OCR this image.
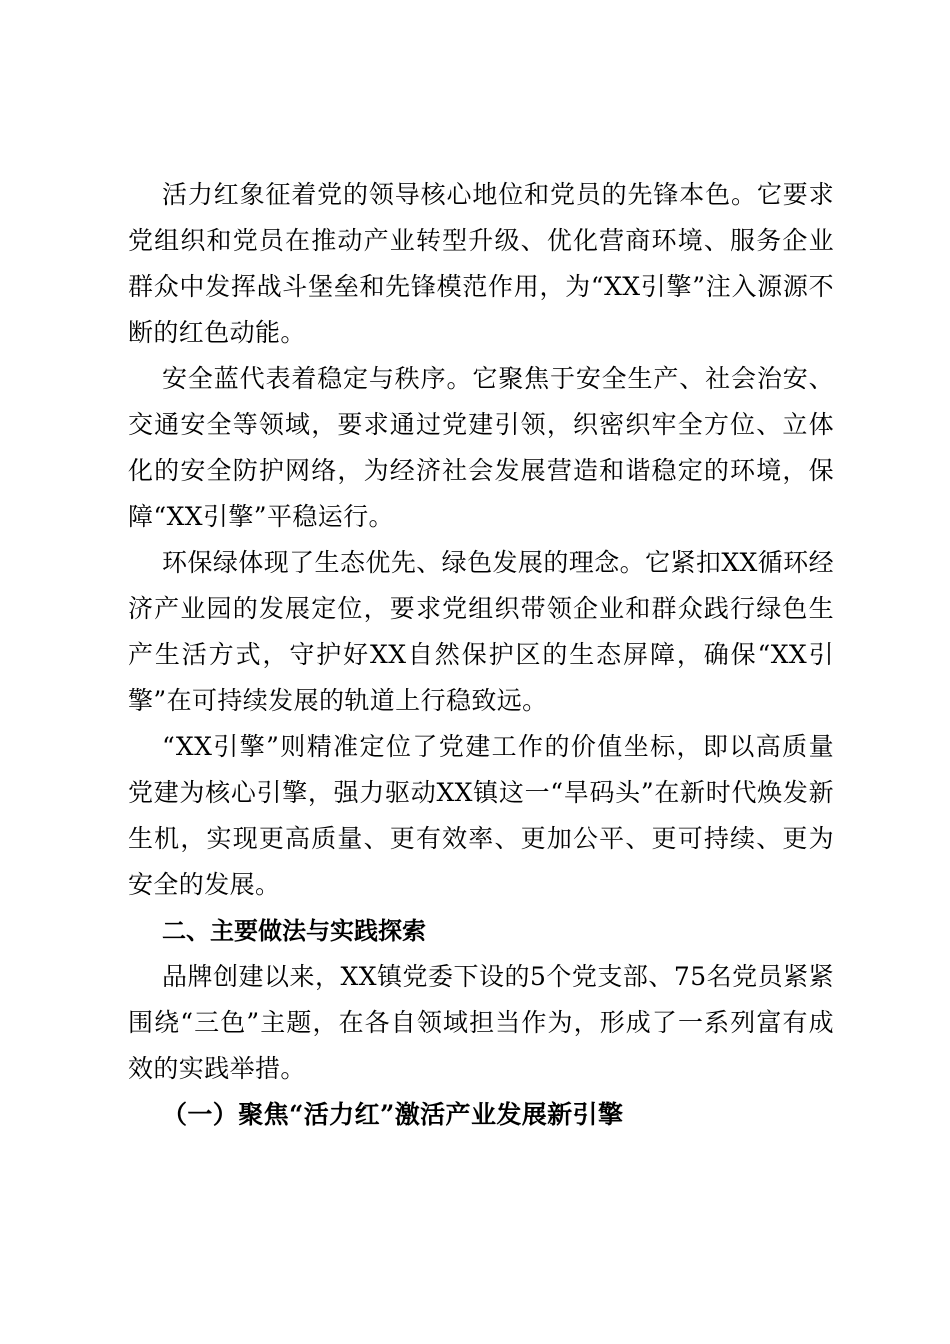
活力红象征着党的领导核心地位和党员的先锋本色。它要求党组织和党员在推动产业转型升级、优化营商环境、服务企业群众中发挥战斗堡垒和先锋模范作用，为“XX引擎”注入源源不断的红色动能。

安全蓝代表着稳定与秩序。它聚焦于安全生产、社会治安、交通安全等领域，要求通过党建引领，织密织牢全方位、立体化的安全防护网络，为经济社会发展营造和谐稳定的环境，保障“XX引擎”平稳运行。

环保绿体现了生态优先、绿色发展的理念。它紧扣XX循环经济产业园的发展定位，要求党组织带领企业和群众践行绿色生产生活方式，守护好XX自然保护区的生态屏障，确保“XX引擎”在可持续发展的轨道上行稳致远。

“XX引擎”则精准定位了党建工作的价值坐标，即以高质量党建为核心引擎，强力驱动XX镇这一“旱码头”在新时代焕发新生机，实现更高质量、更有效率、更加公平、更可持续、更为安全的发展。

二、主要做法与实践探索

品牌创建以来，XX镇党委下设的5个党支部、75名党员紧紧围绕“三色”主题，在各自领域担当作为，形成了一系列富有成效的实践举措。

（一）聚焦“活力红”激活产业发展新引擎
